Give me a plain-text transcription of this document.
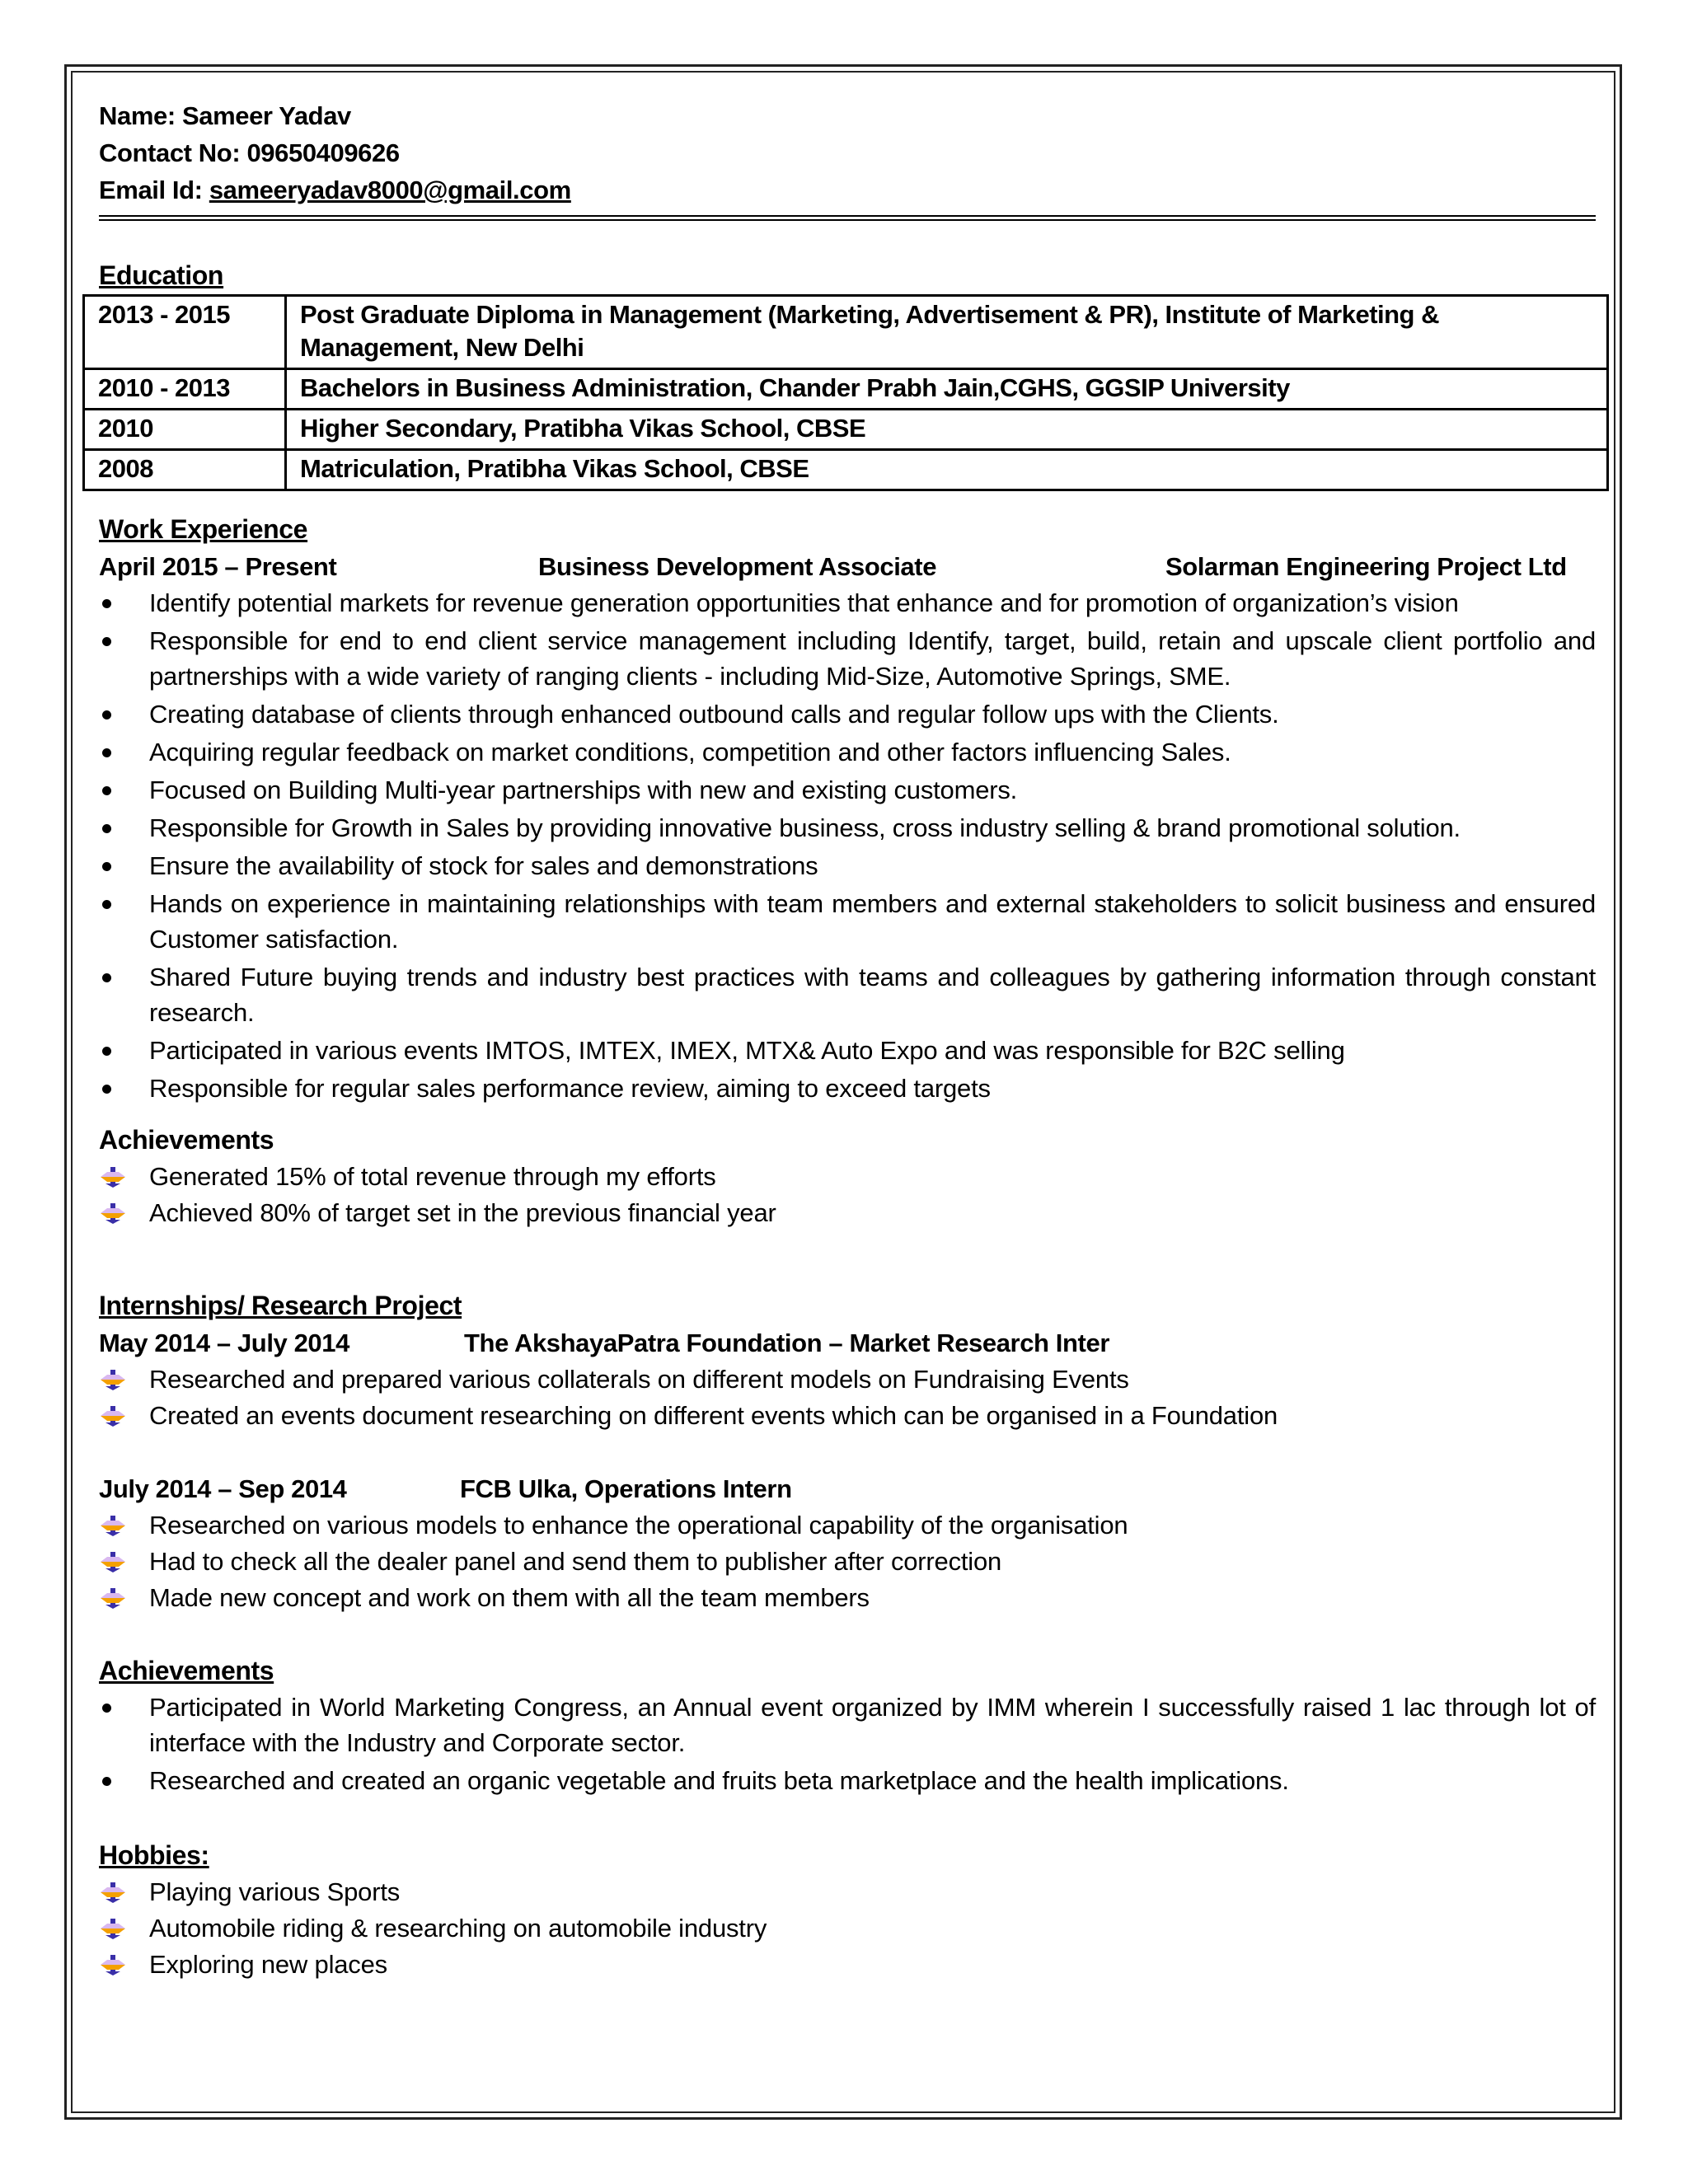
Name: Sameer Yadav
Contact No: 09650409626
Email Id: sameeryadav8000@gmail.com
Education
2013 - 2015	Post Graduate Diploma in Management (Marketing, Advertisement & PR), Institute of Marketing & Management, New Delhi
2010 - 2013	Bachelors in Business Administration, Chander Prabh Jain,CGHS, GGSIP University
2010	Higher Secondary, Pratibha Vikas School, CBSE
2008	Matriculation, Pratibha Vikas School, CBSE
Work Experience
April 2015 – Present	Business Development Associate	Solarman Engineering Project Ltd
Identify potential markets for revenue generation opportunities that enhance and for promotion of organization’s vision
Responsible for end to end client service management including Identify, target, build, retain and upscale client portfolio and partnerships with a wide variety of ranging clients - including Mid-Size, Automotive Springs, SME.
Creating database of clients through enhanced outbound calls and regular follow ups with the Clients.
Acquiring regular feedback on market conditions, competition and other factors influencing Sales.
Focused on Building Multi-year partnerships with new and existing customers.
Responsible for Growth in Sales by providing innovative business, cross industry selling & brand promotional solution.
Ensure the availability of stock for sales and demonstrations
Hands on experience in maintaining relationships with team members and external stakeholders to solicit business and ensured Customer satisfaction.
Shared Future buying trends and industry best practices with teams and colleagues by gathering information through constant research.
Participated in various events IMTOS, IMTEX, IMEX, MTX& Auto Expo and was responsible for B2C selling
Responsible for regular sales performance review, aiming to exceed targets
Achievements
Generated 15% of total revenue through my efforts
Achieved 80% of target set in the previous financial year
Internships/ Research Project
May 2014 – July 2014	The AkshayaPatra Foundation – Market Research Inter
Researched and prepared various collaterals on different models on Fundraising Events
Created an events document researching on different events which can be organised in a Foundation
July 2014 – Sep 2014	FCB Ulka, Operations Intern
Researched on various models to enhance the operational capability of the organisation
Had to check all the dealer panel and send them to publisher after correction
Made new concept and work on them with all the team members
Achievements
Participated in World Marketing Congress, an Annual event organized by IMM wherein I successfully raised 1 lac through lot of interface with the Industry and Corporate sector.
Researched and created an organic vegetable and fruits beta marketplace and the health implications.
Hobbies:
Playing various Sports
Automobile riding & researching on automobile industry
Exploring new places
